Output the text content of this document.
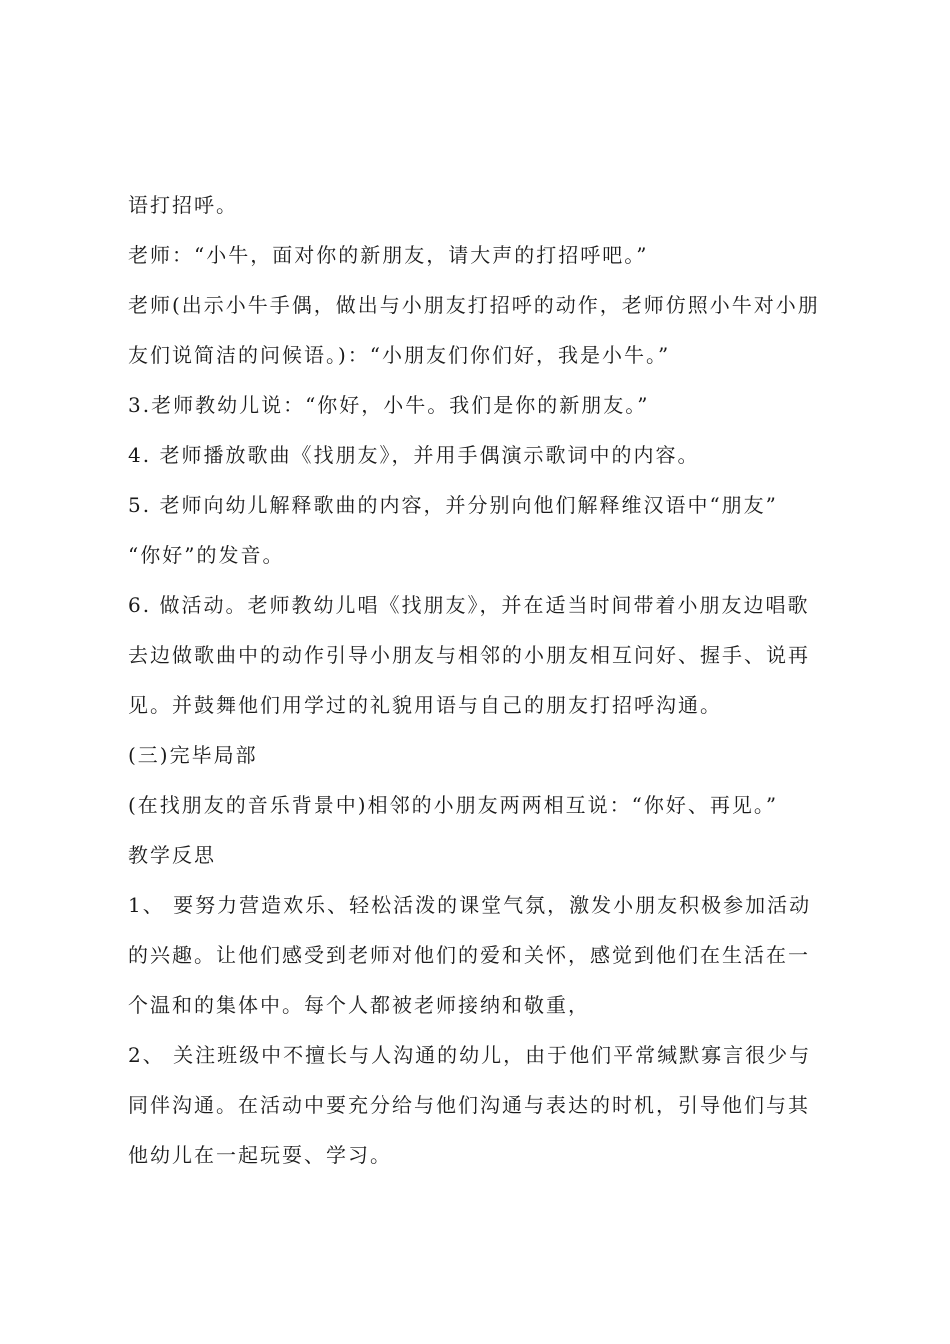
语打招呼。
老师：“小牛，面对你的新朋友，请大声的打招呼吧。”
老师(出示小牛手偶，做出与小朋友打招呼的动作，老师仿照小牛对小朋
友们说简洁的问候语。)：“小朋友们你们好，我是小牛。”
3.老师教幼儿说：“你好，小牛。我们是你的新朋友。”
4. 老师播放歌曲《找朋友》，并用手偶演示歌词中的内容。
5. 老师向幼儿解释歌曲的内容，并分别向他们解释维汉语中“朋友”
“你好”的发音。
6. 做活动。老师教幼儿唱《找朋友》，并在适当时间带着小朋友边唱歌
去边做歌曲中的动作引导小朋友与相邻的小朋友相互问好、握手、说再
见。并鼓舞他们用学过的礼貌用语与自己的朋友打招呼沟通。
(三)完毕局部
(在找朋友的音乐背景中)相邻的小朋友两两相互说：“你好、再见。”
教学反思
1、 要努力营造欢乐、轻松活泼的课堂气氛，激发小朋友积极参加活动
的兴趣。让他们感受到老师对他们的爱和关怀，感觉到他们在生活在一
个温和的集体中。每个人都被老师接纳和敬重，
2、 关注班级中不擅长与人沟通的幼儿，由于他们平常缄默寡言很少与
同伴沟通。在活动中要充分给与他们沟通与表达的时机，引导他们与其
他幼儿在一起玩耍、学习。
